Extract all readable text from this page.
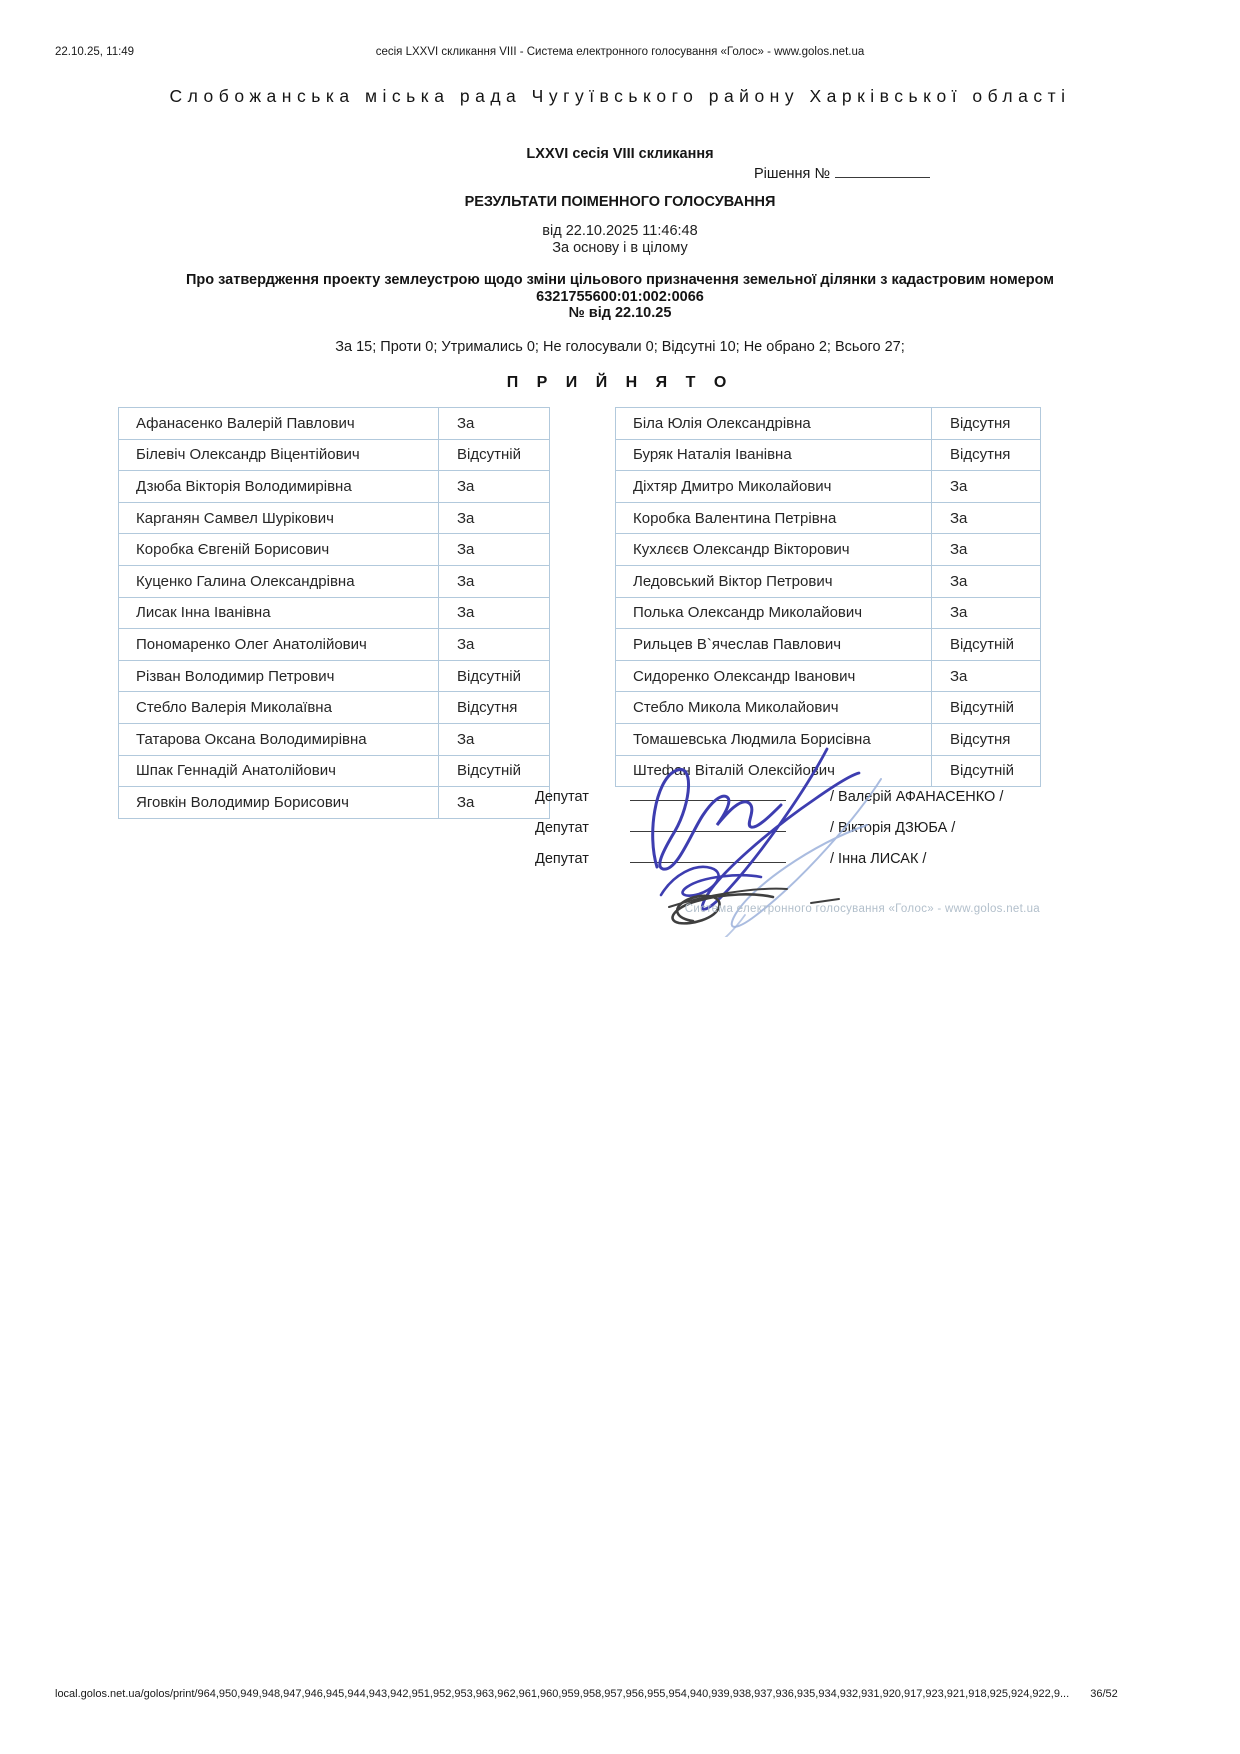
22.10.25, 11:49	сесія LXXVI скликання VIII - Система електронного голосування «Голос» - www.golos.net.ua
Слобожанська міська рада Чугуївського району Харківської області
LXXVI сесія VIII скликання
Рішення №
РЕЗУЛЬТАТИ ПОІМЕННОГО ГОЛОСУВАННЯ
від 22.10.2025 11:46:48
За основу і в цілому
Про затвердження проекту землеустрою щодо зміни цільового призначення земельної ділянки з кадастровим номером
6321755600:01:002:0066
№ від 22.10.25
За 15; Проти 0; Утримались 0; Не голосували 0; Відсутні 10; Не обрано 2; Всього 27;
П Р И Й Н Я Т О
Афанасенко Валерій Павлович	За
Білевіч Олександр Віцентійович	Відсутній
Дзюба Вікторія Володимирівна	За
Карганян Самвел Шурікович	За
Коробка Євгеній Борисович	За
Куценко Галина Олександрівна	За
Лисак Інна Іванівна	За
Пономаренко Олег Анатолійович	За
Різван Володимир Петрович	Відсутній
Стебло Валерія Миколаївна	Відсутня
Татарова Оксана Володимирівна	За
Шпак Геннадій Анатолійович	Відсутній
Яговкін Володимир Борисович	За
Біла Юлія Олександрівна	Відсутня
Буряк Наталія Іванівна	Відсутня
Діхтяр Дмитро Миколайович	За
Коробка Валентина Петрівна	За
Кухлєєв Олександр Вікторович	За
Ледовський Віктор Петрович	За
Полька Олександр Миколайович	За
Рильцев В`ячеслав Павлович	Відсутній
Сидоренко Олександр Іванович	За
Стебло Микола Миколайович	Відсутній
Томашевська Людмила Борисівна	Відсутня
Штефан Віталій Олексійович	Відсутній
Депутат	/ Валерій АФАНАСЕНКО /
Депутат	/ Вікторія ДЗЮБА /
Депутат	/ Інна ЛИСАК /
Система електронного голосування «Голос» - www.golos.net.ua
local.golos.net.ua/golos/print/964,950,949,948,947,946,945,944,943,942,951,952,953,963,962,961,960,959,958,957,956,955,954,940,939,938,937,936,935,934,932,931,920,917,923,921,918,925,924,922,9... 36/52
